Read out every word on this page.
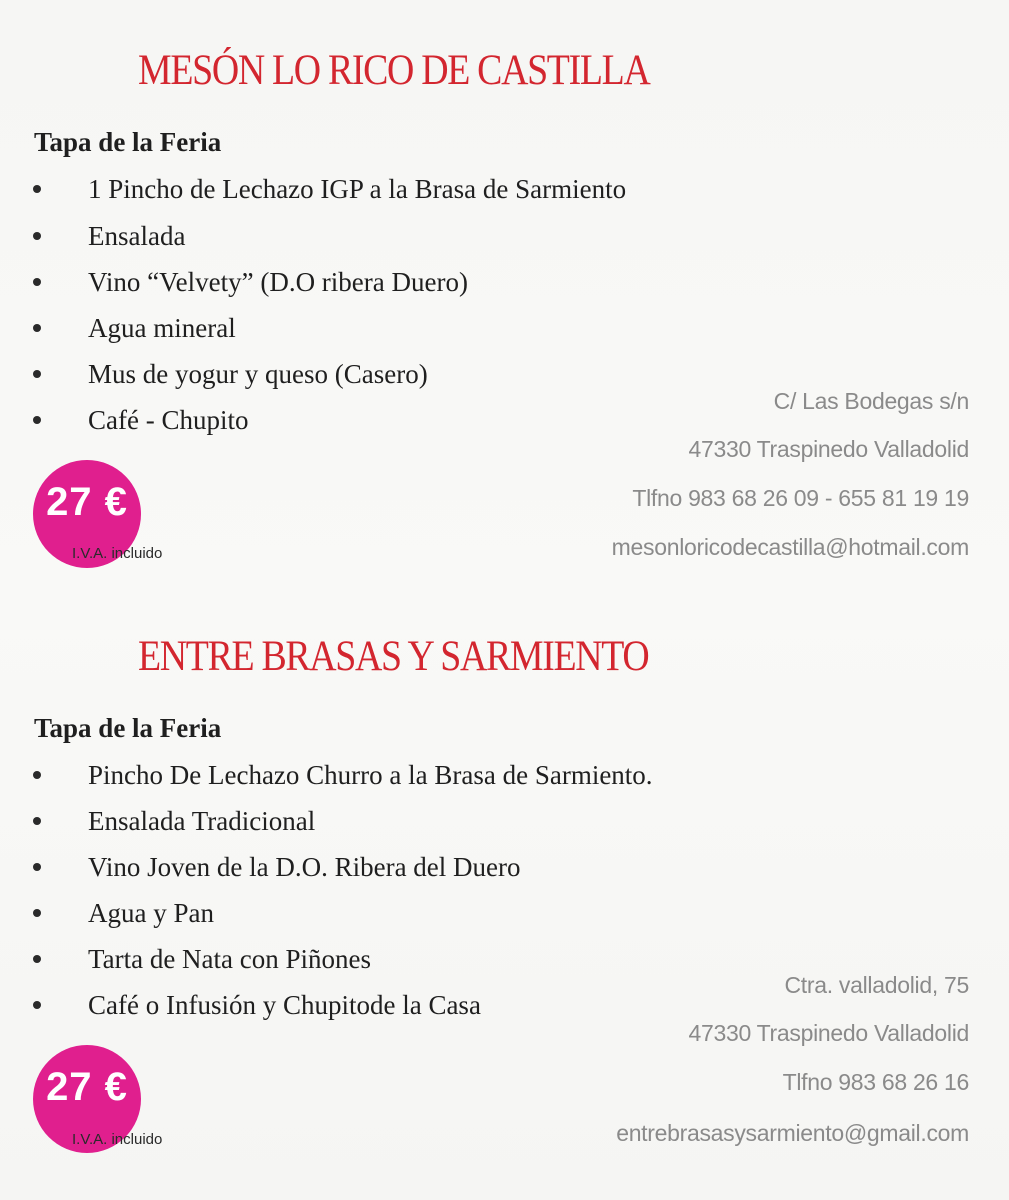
MESÓN LO RICO DE CASTILLA
Tapa de la Feria
1 Pincho de Lechazo IGP a la Brasa de Sarmiento
Ensalada
Vino “Velvety” (D.O ribera Duero)
Agua mineral
Mus de yogur y queso (Casero)
Café - Chupito
27 €
I.V.A. incluido
C/ Las Bodegas s/n
47330 Traspinedo Valladolid
Tlfno 983 68 26 09 - 655 81 19 19
mesonloricodecastilla@hotmail.com
ENTRE BRASAS Y SARMIENTO
Tapa de la Feria
Pincho De Lechazo Churro a la Brasa de Sarmiento.
Ensalada Tradicional
Vino Joven de la D.O. Ribera del Duero
Agua y Pan
Tarta de Nata con Piñones
Café o Infusión y Chupitode la Casa
27 €
I.V.A. incluido
Ctra. valladolid, 75
47330 Traspinedo Valladolid
Tlfno 983 68 26 16
entrebrasasysarmiento@gmail.com
